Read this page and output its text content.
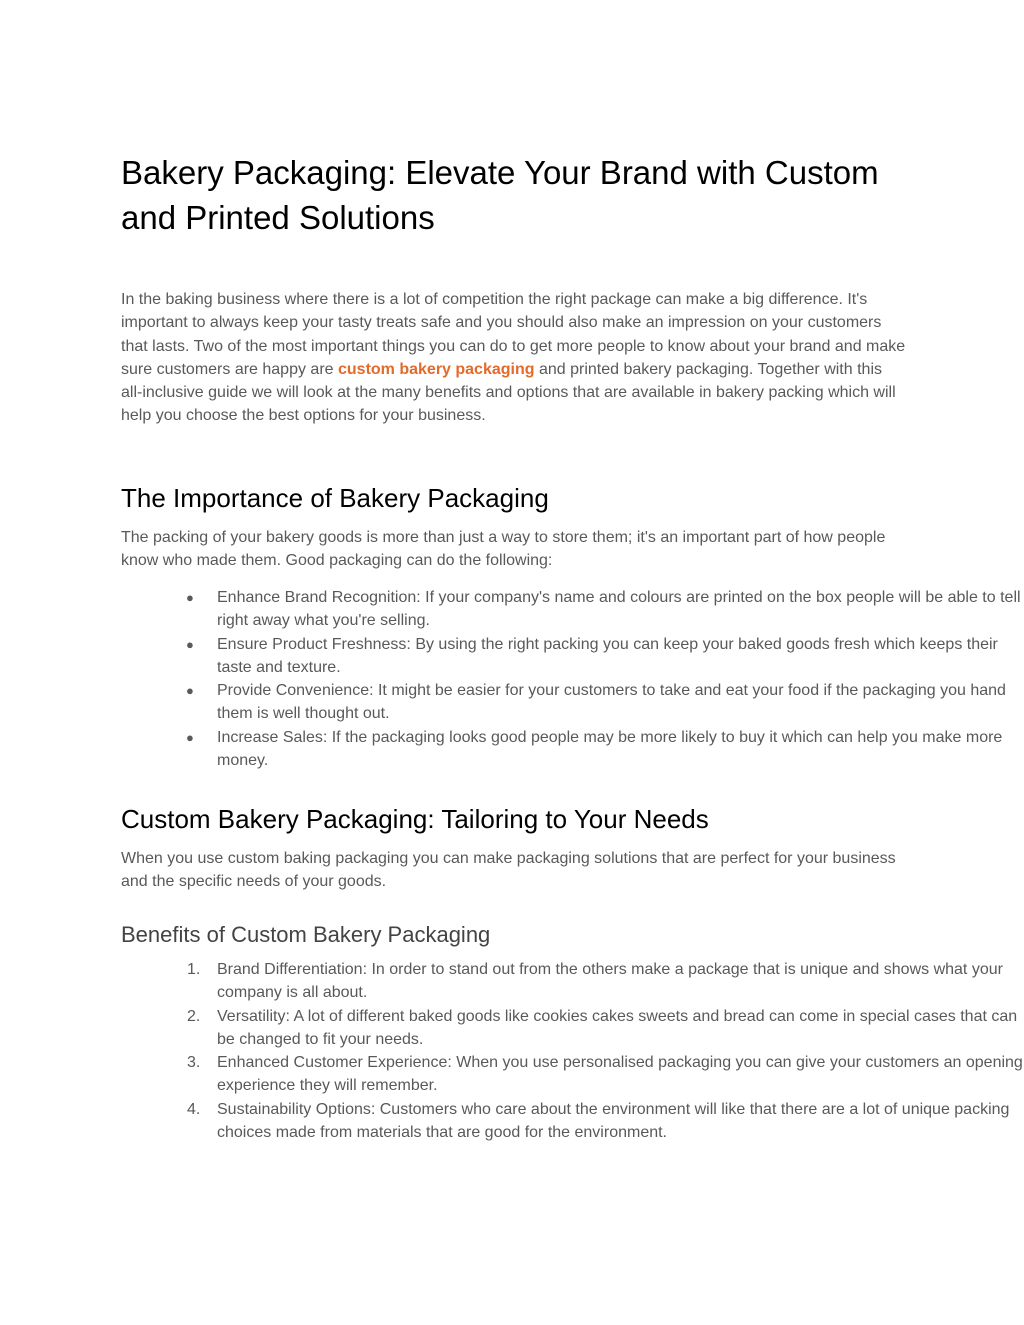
Bakery Packaging: Elevate Your Brand with Custom and Printed Solutions

In the baking business where there is a lot of competition the right package can make a big difference. It's important to always keep your tasty treats safe and you should also make an impression on your customers that lasts. Two of the most important things you can do to get more people to know about your brand and make sure customers are happy are custom bakery packaging and printed bakery packaging. Together with this all-inclusive guide we will look at the many benefits and options that are available in bakery packing which will help you choose the best options for your business.

The Importance of Bakery Packaging

The packing of your bakery goods is more than just a way to store them; it's an important part of how people know who made them. Good packaging can do the following:

● Enhance Brand Recognition: If your company's name and colours are printed on the box people will be able to tell right away what you're selling.
● Ensure Product Freshness: By using the right packing you can keep your baked goods fresh which keeps their taste and texture.
● Provide Convenience: It might be easier for your customers to take and eat your food if the packaging you hand them is well thought out.
● Increase Sales: If the packaging looks good people may be more likely to buy it which can help you make more money.
Custom Bakery Packaging: Tailoring to Your Needs

When you use custom baking packaging you can make packaging solutions that are perfect for your business and the specific needs of your goods.

Benefits of Custom Bakery Packaging
1. Brand Differentiation: In order to stand out from the others make a package that is unique and shows what your company is all about.
2. Versatility: A lot of different baked goods like cookies cakes sweets and bread can come in special cases that can be changed to fit your needs.
3. Enhanced Customer Experience: When you use personalised packaging you can give your customers an opening experience they will remember.
4. Sustainability Options: Customers who care about the environment will like that there are a lot of unique packing choices made from materials that are good for the environment.
